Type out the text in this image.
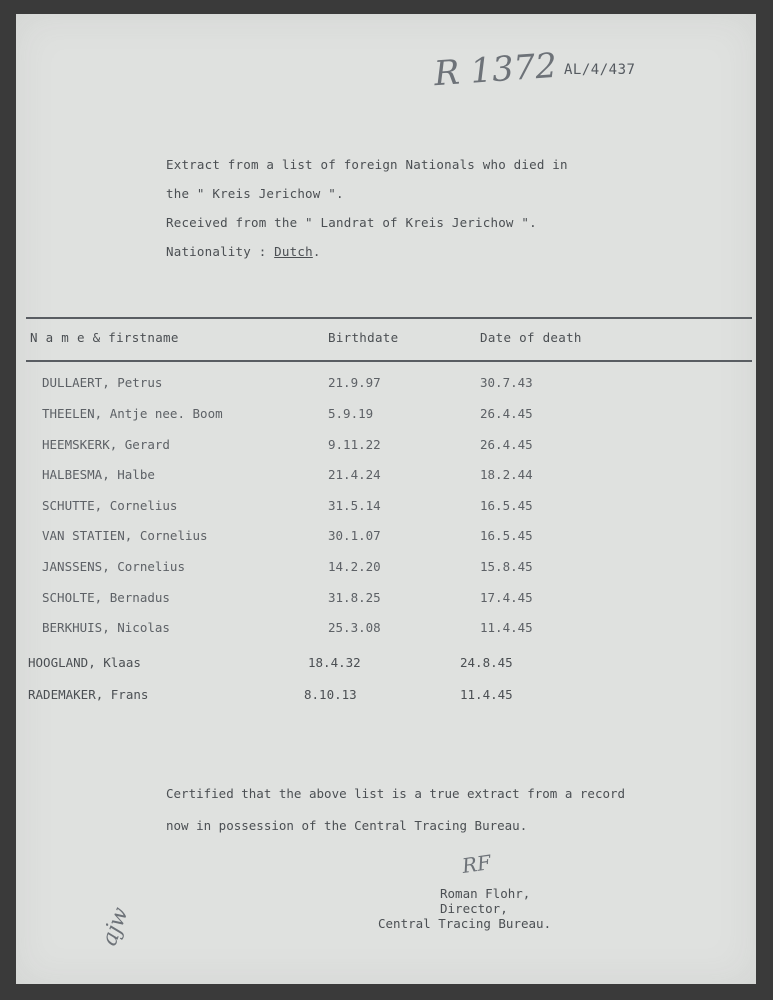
R 1372 AL/4/437
Extract from a list of foreign Nationals who died in
the " Kreis Jerichow ".
Received from the " Landrat of Kreis Jerichow ".
Nationality : Dutch.
N a m e & firstname	Birthdate	Date of death
DULLAERT, Petrus	21.9.97	30.7.43
THEELEN, Antje nee. Boom	5.9.19	26.4.45
HEEMSKERK, Gerard	9.11.22	26.4.45
HALBESMA, Halbe	21.4.24	18.2.44
SCHUTTE, Cornelius	31.5.14	16.5.45
VAN STATIEN, Cornelius	30.1.07	16.5.45
JANSSENS, Cornelius	14.2.20	15.8.45
SCHOLTE, Bernadus	31.8.25	17.4.45
BERKHUIS, Nicolas	25.3.08	11.4.45
HOOGLAND, Klaas	18.4.32	24.8.45
RADEMAKER, Frans	8.10.13	11.4.45
Certified that the above list is a true extract from a record
now in possession of the Central Tracing Bureau.
RF
Roman Flohr,
Director,
Central Tracing Bureau.
ajw
